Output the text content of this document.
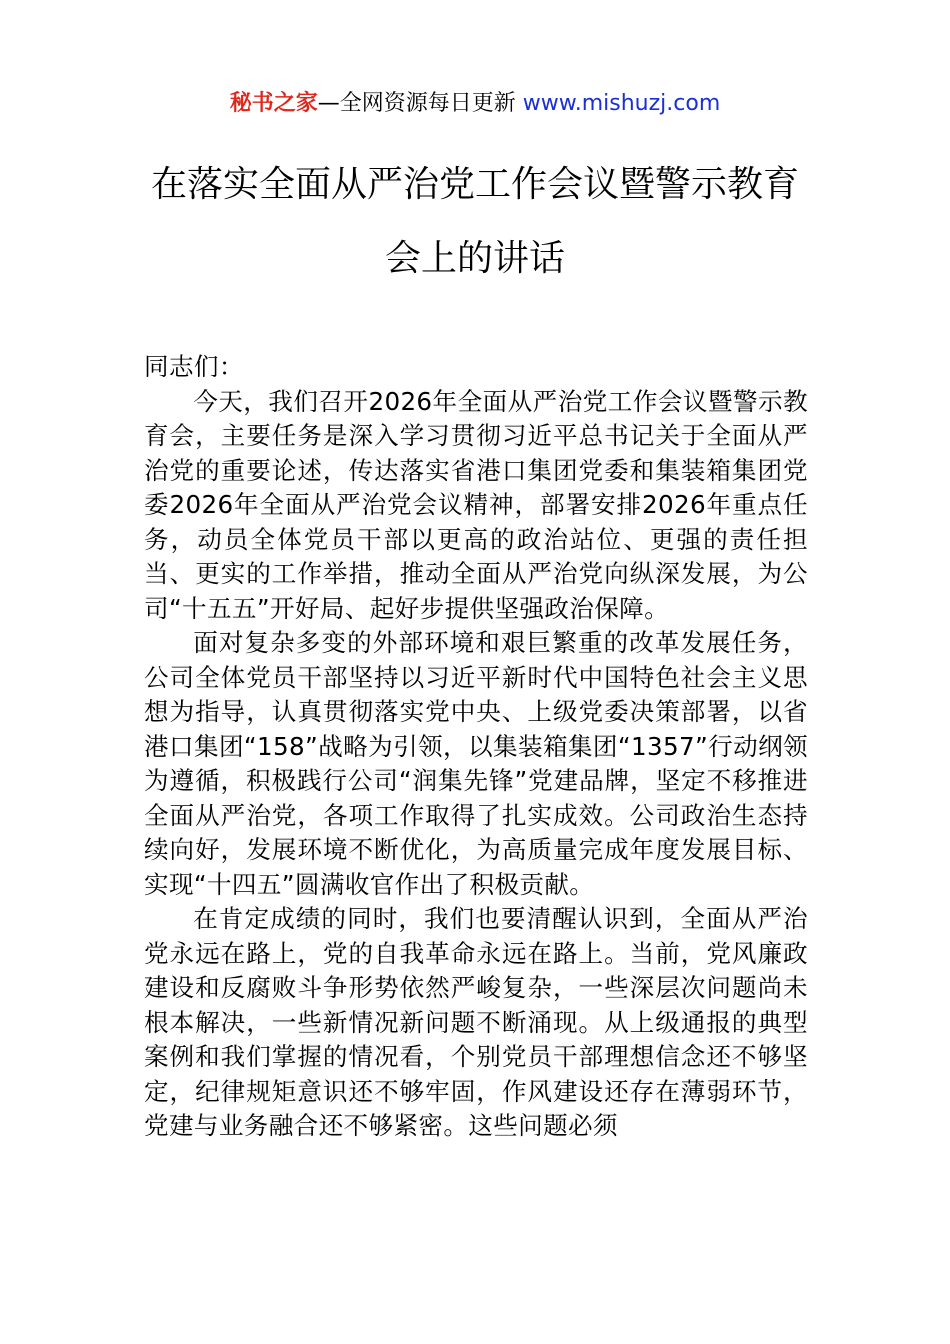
秘书之家—全网资源每日更新 www.mishuzj.com
在落实全面从严治党工作会议暨警示教育
会上的讲话

同志们：

今天，我们召开2026年全面从严治党工作会议暨警示教育会，主要任务是深入学习贯彻习近平总书记关于全面从严治党的重要论述，传达落实省港口集团党委和集装箱集团党委2026年全面从严治党会议精神，部署安排2026年重点任务，动员全体党员干部以更高的政治站位、更强的责任担当、更实的工作举措，推动全面从严治党向纵深发展，为公司“十五五”开好局、起好步提供坚强政治保障。

面对复杂多变的外部环境和艰巨繁重的改革发展任务，公司全体党员干部坚持以习近平新时代中国特色社会主义思想为指导，认真贯彻落实党中央、上级党委决策部署，以省港口集团“158”战略为引领，以集装箱集团“1357”行动纲领为遵循，积极践行公司“润集先锋”党建品牌，坚定不移推进全面从严治党，各项工作取得了扎实成效。公司政治生态持续向好，发展环境不断优化，为高质量完成年度发展目标、实现“十四五”圆满收官作出了积极贡献。

在肯定成绩的同时，我们也要清醒认识到，全面从严治党永远在路上，党的自我革命永远在路上。当前，党风廉政建设和反腐败斗争形势依然严峻复杂，一些深层次问题尚未根本解决，一些新情况新问题不断涌现。从上级通报的典型案例和我们掌握的情况看，个别党员干部理想信念还不够坚定，纪律规矩意识还不够牢固，作风建设还存在薄弱环节，党建与业务融合还不够紧密。这些问题必须
